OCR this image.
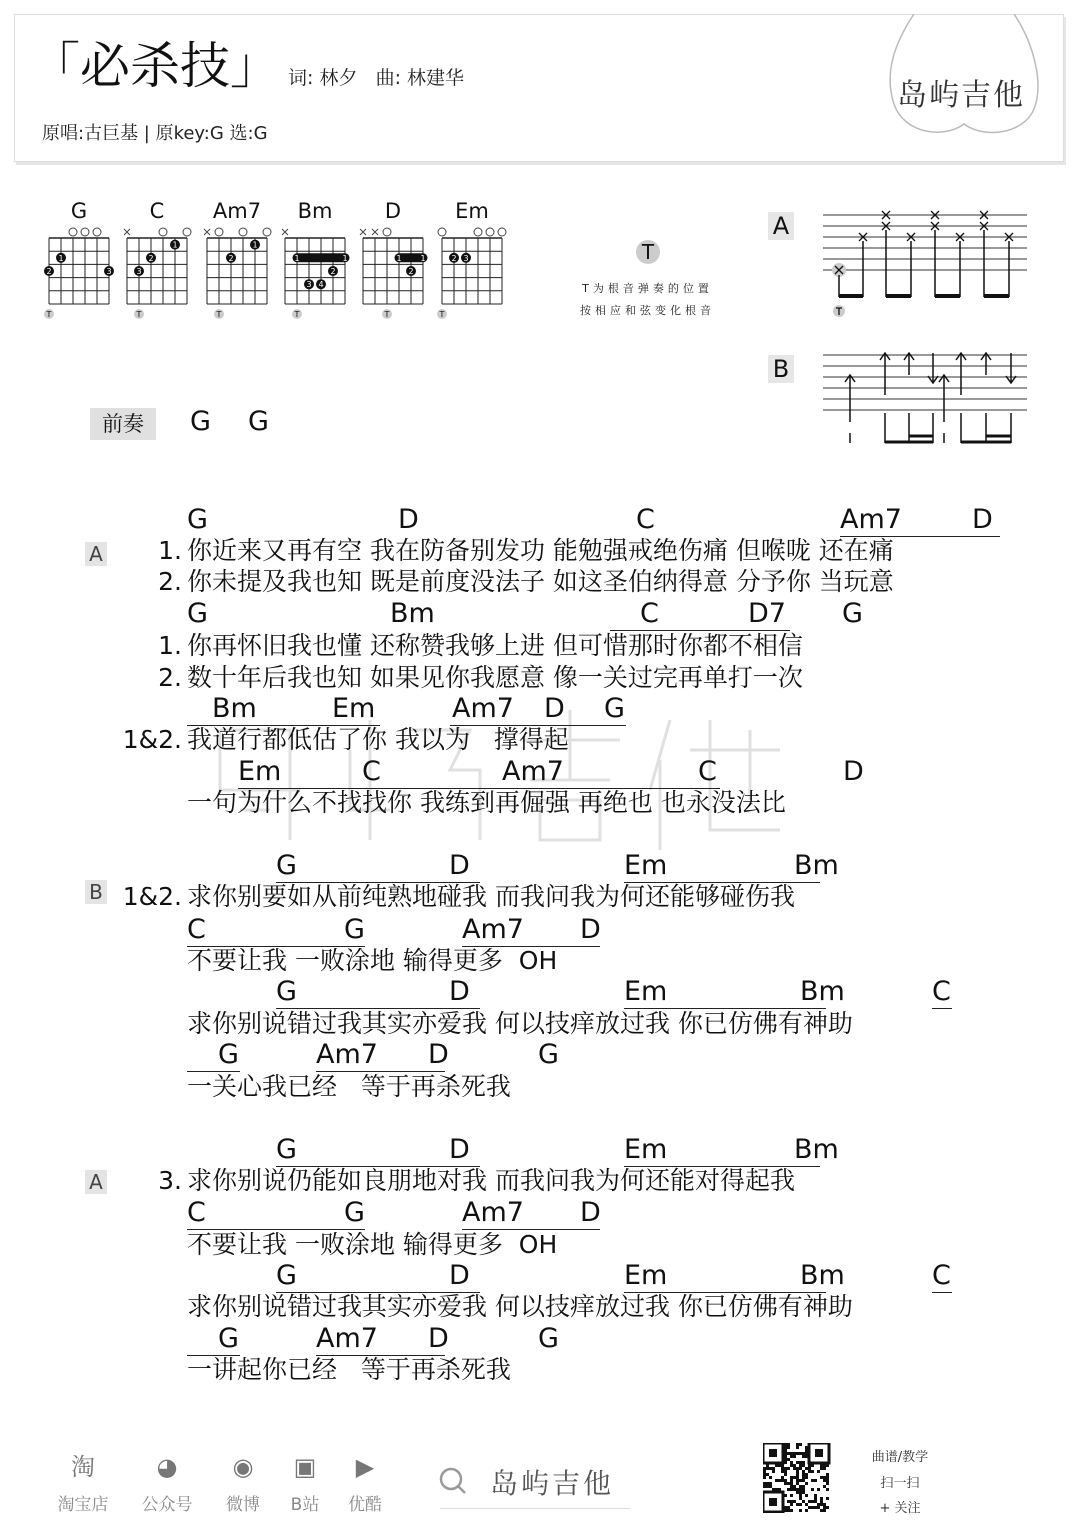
「必杀技」 词: 林夕 曲: 林建华
原唱:古巨基 | 原key:G 选:G
岛屿吉他
G
2
1
3
T
C
3
2
1
T
Am7
2
1
T
Bm
1	1
2
3 4
T
D
1 1
2
T
Em
2 3
T
T
T为根音弹奏的位置
按相应和弦变化根音
A
B
前奏	G G
A
G	D	C	Am7	D
1. 你近来又再有空 我在防备别发功 能勉强戒绝伤痛 但喉咙 还在痛
2. 你未提及我也知 既是前度没法子 如这圣伯纳得意 分予你 当玩意
G	Bm	C	D7 G
1. 你再怀旧我也懂 还称赞我够上进 但可惜那时你都不相信
2. 数十年后我也知 如果见你我愿意 像一关过完再单打一次
Bm	Em	Am7 D G
1&2. 我道行都低估了你 我以为   撑得起
Em	C	Am7	C	D
一句为什么不找找你 我练到再倔强 再绝也 也永没法比
B
G	D	Em	Bm
1&2. 求你别要如从前纯熟地碰我 而我问我为何还能够碰伤我
C	G	Am7 D
不要让我 一败涂地 输得更多  OH
G	D	Em	Bm	C
求你别说错过我其实亦爱我 何以技痒放过我 你已仿佛有神助
G	Am7 D	G
一关心我已经   等于再杀死我
A
G	D	Em	Bm
3. 求你别说仍能如良朋地对我 而我问我为何还能对得起我
C	G	Am7 D
不要让我 一败涂地 输得更多  OH
G	D	Em	Bm	C
求你别说错过我其实亦爱我 何以技痒放过我 你已仿佛有神助
G	Am7 D	G
一讲起你已经   等于再杀死我
淘
淘宝店
◕
公众号
◉
微博
▣
B站
▶
优酷
岛屿吉他
曲谱/教学
扫一扫
+ 关注
